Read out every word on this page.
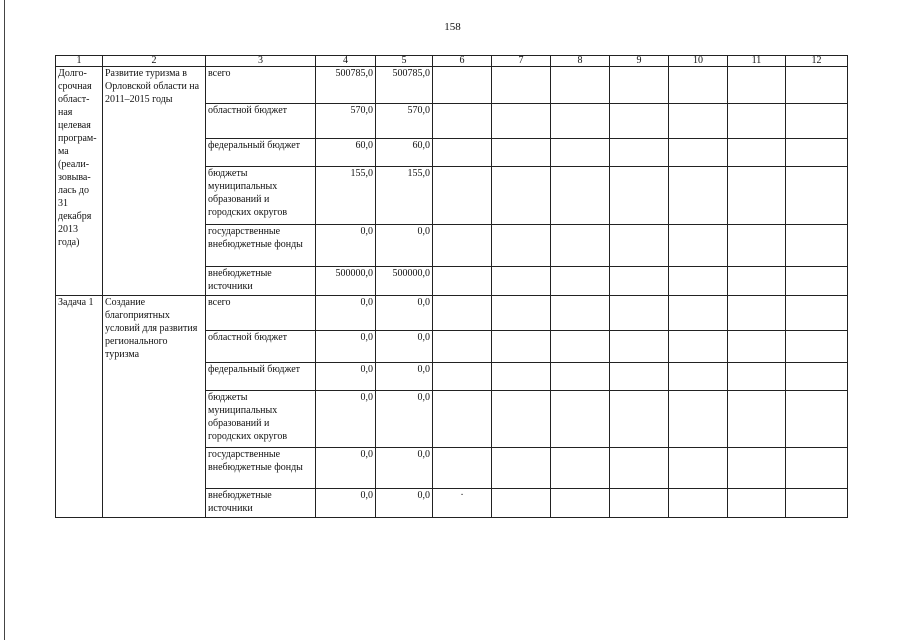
158
1	2	3	4	5	6	7	8	9	10	11	12
Долго-срочная област-ная целевая програм-ма (реали-зовыва-лась до 31 декабря 2013 года)	Развитие туризма в Орловской области на 2011–2015 годы	всего	500785,0	500785,0							
		областной бюджет	570,0	570,0							
		федеральный бюджет	60,0	60,0							
		бюджеты муниципальных образований и городских округов	155,0	155,0							
		государственные внебюджетные фонды	0,0	0,0							
		внебюджетные источники	500000,0	500000,0							
Задача 1	Создание благоприятных условий для развития регионального туризма	всего	0,0	0,0							
		областной бюджет	0,0	0,0							
		федеральный бюджет	0,0	0,0							
		бюджеты муниципальных образований и городских округов	0,0	0,0							
		государственные внебюджетные фонды	0,0	0,0							
		внебюджетные источники	0,0	0,0	·						
